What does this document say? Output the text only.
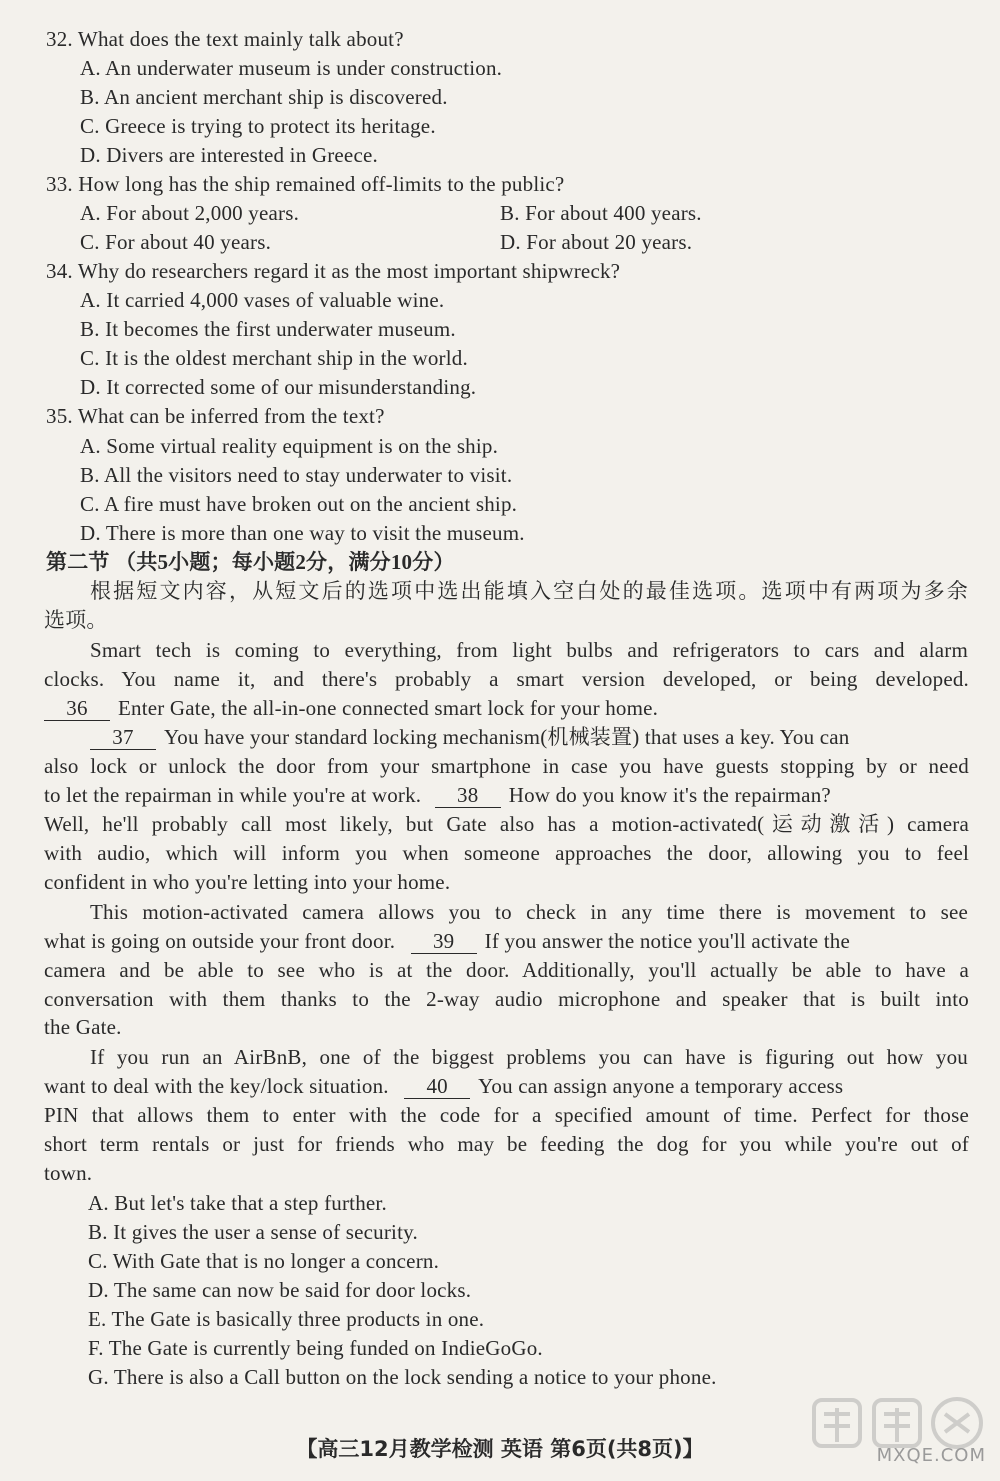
32. What does the text mainly talk about?
A. An underwater museum is under construction.
B. An ancient merchant ship is discovered.
C. Greece is trying to protect its heritage.
D. Divers are interested in Greece.
33. How long has the ship remained off-limits to the public?
A. For about 2,000 years.	B. For about 400 years.
C. For about 40 years.	D. For about 20 years.
34. Why do researchers regard it as the most important shipwreck?
A. It carried 4,000 vases of valuable wine.
B. It becomes the first underwater museum.
C. It is the oldest merchant ship in the world.
D. It corrected some of our misunderstanding.
35. What can be inferred from the text?
A. Some virtual reality equipment is on the ship.
B. All the visitors need to stay underwater to visit.
C. A fire must have broken out on the ancient ship.
D. There is more than one way to visit the museum.
第二节 （共5小题；每小题2分，满分10分）
根据短文内容，从短文后的选项中选出能填入空白处的最佳选项。选项中有两项为多余
选项。
Smart tech is coming to everything, from light bulbs and refrigerators to cars and alarm
clocks. You name it, and there's probably a smart version developed, or being developed.
36 Enter Gate, the all-in-one connected smart lock for your home.
37 You have your standard locking mechanism(机械装置) that uses a key. You can
also lock or unlock the door from your smartphone in case you have guests stopping by or need
to let the repairman in while you're at work. 38 How do you know it's the repairman?
Well, he'll probably call most likely, but Gate also has a motion-activated(运动激活) camera
with audio, which will inform you when someone approaches the door, allowing you to feel
confident in who you're letting into your home.
This motion-activated camera allows you to check in any time there is movement to see
what is going on outside your front door. 39 If you answer the notice you'll activate the
camera and be able to see who is at the door. Additionally, you'll actually be able to have a
conversation with them thanks to the 2-way audio microphone and speaker that is built into
the Gate.
If you run an AirBnB, one of the biggest problems you can have is figuring out how you
want to deal with the key/lock situation. 40 You can assign anyone a temporary access
PIN that allows them to enter with the code for a specified amount of time. Perfect for those
short term rentals or just for friends who may be feeding the dog for you while you're out of
town.
A. But let's take that a step further.
B. It gives the user a sense of security.
C. With Gate that is no longer a concern.
D. The same can now be said for door locks.
E. The Gate is basically three products in one.
F. The Gate is currently being funded on IndieGoGo.
G. There is also a Call button on the lock sending a notice to your phone.
【高三12月教学检测 英语 第6页(共8页)】	MXQE.COM
